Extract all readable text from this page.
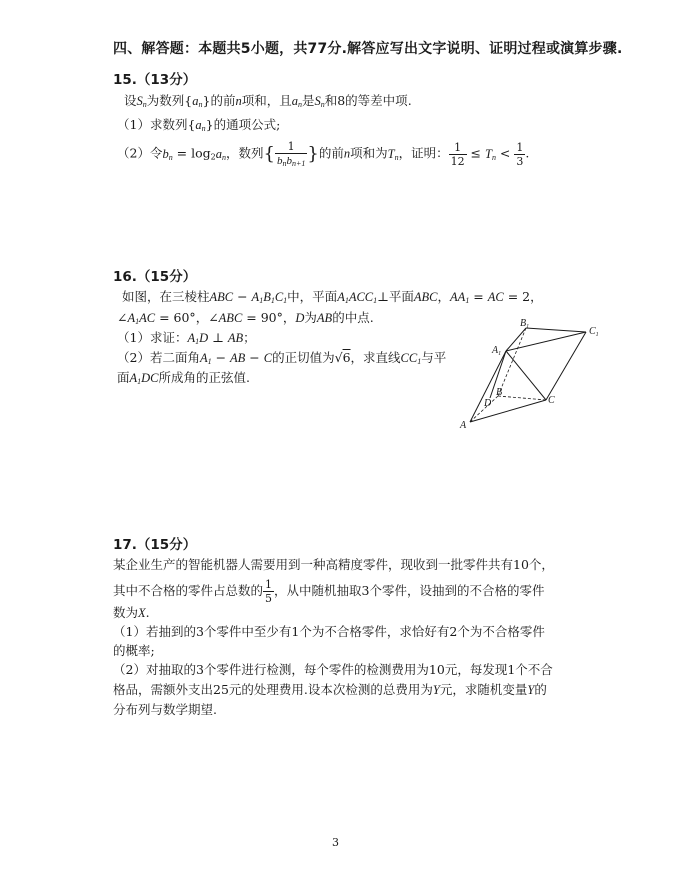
四、解答题：本题共5小题，共77分.解答应写出文字说明、证明过程或演算步骤.
15.（13分）
设$S_n$为数列$\{a_n\}$的前n项和，且$a_n$是$S_n$和8的等差中项.
（1）求数列$\{a_n\}$的通项公式;
（2）令$b_n = \log_2a_n$，数列{ $\frac{1}{b_nb_{n+1}}$ }的前n项和为$T_n$，证明： $\frac{1}{12} \le T_n < \frac{1}{3}$ .
16.（15分）
如图，在三棱柱ABC − $A_1B_1C_1$中，平面$A_1ACC_1\perp$平面ABC，$AA_1$ = AC = 2，
$\angle A_1AC = 60^\circ$，∠ABC = 90°，D为AB的中点.
（1）求证：$A_1D$ ⊥ AB；
（2）若二面角$A_1$ − AB − C的正切值为√6，求直线$CC_1$与平
面$A_1DC$所成角的正弦值.
$B_1$	$C_1$
$A_1$
B
D	C
A
17.（15分）
某企业生产的智能机器人需要用到一种高精度零件，现收到一批零件共有10个，
其中不合格的零件占总数的 $\frac{1}{5}$ ，从中随机抽取3个零件，设抽到的不合格的零件
数为X.
（1）若抽到的3个零件中至少有1个为不合格零件，求恰好有2个为不合格零件
的概率;
（2）对抽取的3个零件进行检测，每个零件的检测费用为10元，每发现1个不合
格品，需额外支出25元的处理费用.设本次检测的总费用为Y元，求随机变量Y的
分布列与数学期望.
3
